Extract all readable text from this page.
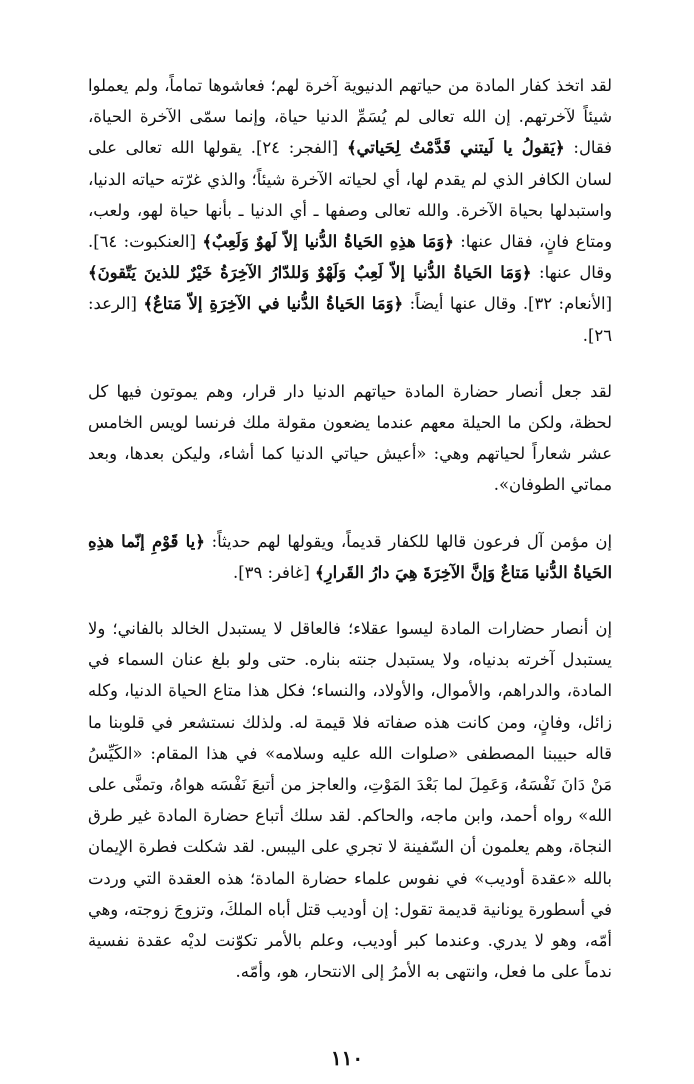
لقد اتخذ كفار المادة من حياتهم الدنيوية آخرة لهم؛ فعاشوها تماماً، ولم يعملوا شيئاً لآخرتهم. إن الله تعالى لم يُسَمِّ الدنيا حياة، وإنما سمّى الآخرة الحياة، فقال: ﴿يَقولُ يا لَيتني قَدَّمْتُ لِحَياتي﴾ [الفجر: ٢٤]. يقولها الله تعالى على لسان الكافر الذي لم يقدم لها، أي لحياته الآخرة شيئاً؛ والذي غرّته حياته الدنيا، واستبدلها بحياة الآخرة. والله تعالى وصفها ـ أي الدنيا ـ بأنها حياة لهو، ولعب، ومتاع فانٍ، فقال عنها: ﴿وَمَا هذِهِ الحَياةُ الدُّنيا إلاّ لَهوٌ وَلَعِبٌ﴾ [العنكبوت: ٦٤]. وقال عنها: ﴿وَمَا الحَياةُ الدُّنيا إلاّ لَعِبٌ وَلَهْوٌ وَللدّارُ الآخِرَةُ خَيْرٌ للذينَ يَتّقونَ﴾ [الأنعام: ٣٢]. وقال عنها أيضاً: ﴿وَمَا الحَياةُ الدُّنيا في الآخِرَةِ إلاّ مَتاعٌ﴾ [الرعد: ٢٦].

لقد جعل أنصار حضارة المادة حياتهم الدنيا دار قرار، وهم يموتون فيها كل لحظة، ولكن ما الحيلة معهم عندما يضعون مقولة ملك فرنسا لويس الخامس عشر شعاراً لحياتهم وهي: «أعيش حياتي الدنيا كما أشاء، وليكن بعدها، وبعد مماتي الطوفان».

إن مؤمن آل فرعون قالها للكفار قديماً، ويقولها لهم حديثاً: ﴿يا قَوْمِ إنّما هذِهِ الحَياةُ الدُّنيا مَتاعٌ وَإنَّ الآخِرَةَ هِيَ دارُ القَرارِ﴾ [غافر: ٣٩].

إن أنصار حضارات المادة ليسوا عقلاء؛ فالعاقل لا يستبدل الخالد بالفاني؛ ولا يستبدل آخرته بدنياه، ولا يستبدل جنته بناره. حتى ولو بلغ عنان السماء في المادة، والدراهم، والأموال، والأولاد، والنساء؛ فكل هذا متاع الحياة الدنيا، وكله زائل، وفانٍ، ومن كانت هذه صفاته فلا قيمة له. ولذلك نستشعر في قلوبنا ما قاله حبيبنا المصطفى «صلوات الله عليه وسلامه» في هذا المقام: «الكَيِّسُ مَنْ دَانَ نَفْسَهُ، وَعَمِلَ لما بَعْدَ المَوْتِ، والعاجز من أتبعَ نَفْسَه هواهُ، وتمنَّى على الله» رواه أحمد، وابن ماجه، والحاكم. لقد سلك أتباع حضارة المادة غير طرق النجاة، وهم يعلمون أن السّفينة لا تجري على اليبس. لقد شكلت فطرة الإيمان بالله «عقدة أوديب» في نفوس علماء حضارة المادة؛ هذه العقدة التي وردت في أسطورة يونانية قديمة تقول: إن أوديب قتل أباه الملكَ، وتزوجَ زوجته، وهي أمّه، وهو لا يدري. وعندما كبر أوديب، وعلم بالأمر تكوّنت لديْه عقدة نفسية ندماً على ما فعل، وانتهى به الأمرُ إلى الانتحار، هو، وأمّه.

١١٠
